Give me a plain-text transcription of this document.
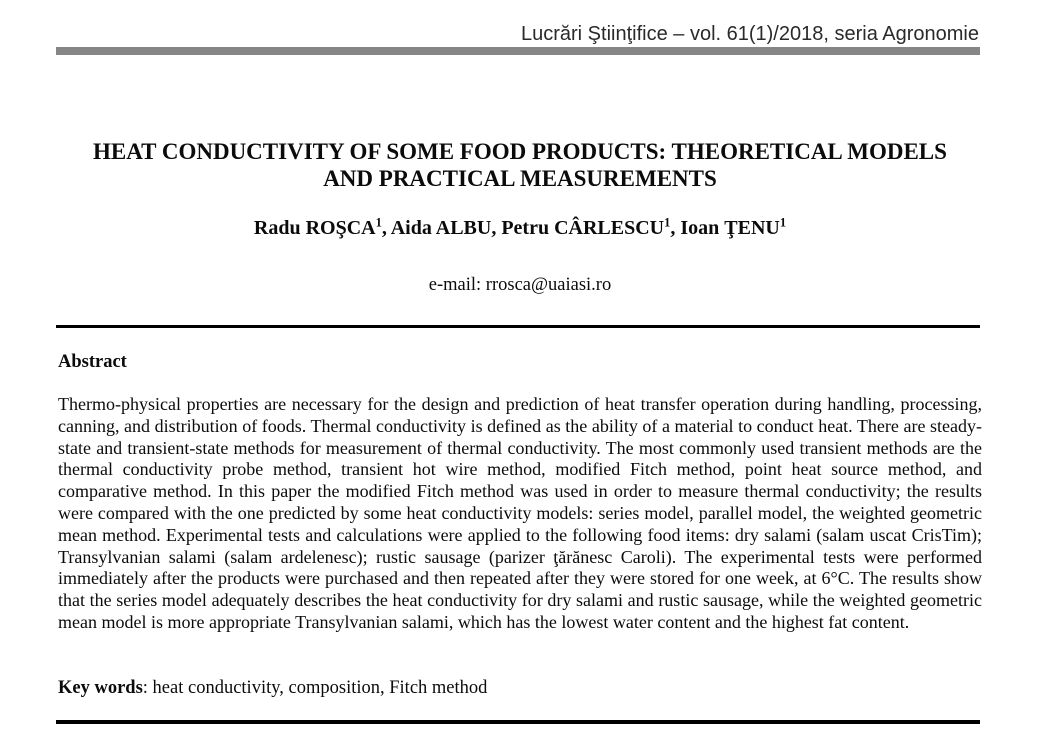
Lucrări Ştiinţifice – vol. 61(1)/2018, seria Agronomie
HEAT CONDUCTIVITY OF SOME FOOD PRODUCTS: THEORETICAL MODELS AND PRACTICAL MEASUREMENTS
Radu ROŞCA$^1$, Aida ALBU, Petru CÂRLESCU$^1$, Ioan ŢENU$^1$
e-mail: rrosca@uaiasi.ro
Abstract
Thermo-physical properties are necessary for the design and prediction of heat transfer operation during handling, processing, canning, and distribution of foods. Thermal conductivity is defined as the ability of a material to conduct heat. There are steady-state and transient-state methods for measurement of thermal conductivity. The most commonly used transient methods are the thermal conductivity probe method, transient hot wire method, modified Fitch method, point heat source method, and comparative method. In this paper the modified Fitch method was used in order to measure thermal conductivity; the results were compared with the one predicted by some heat conductivity models: series model, parallel model, the weighted geometric mean method. Experimental tests and calculations were applied to the following food items: dry salami (salam uscat CrisTim); Transylvanian salami (salam ardelenesc); rustic sausage (parizer ţărănesc Caroli). The experimental tests were performed immediately after the products were purchased and then repeated after they were stored for one week, at 6°C. The results show that the series model adequately describes the heat conductivity for dry salami and rustic sausage, while the weighted geometric mean model is more appropriate Transylvanian salami, which has the lowest water content and the highest fat content.
Key words: heat conductivity, composition, Fitch method
